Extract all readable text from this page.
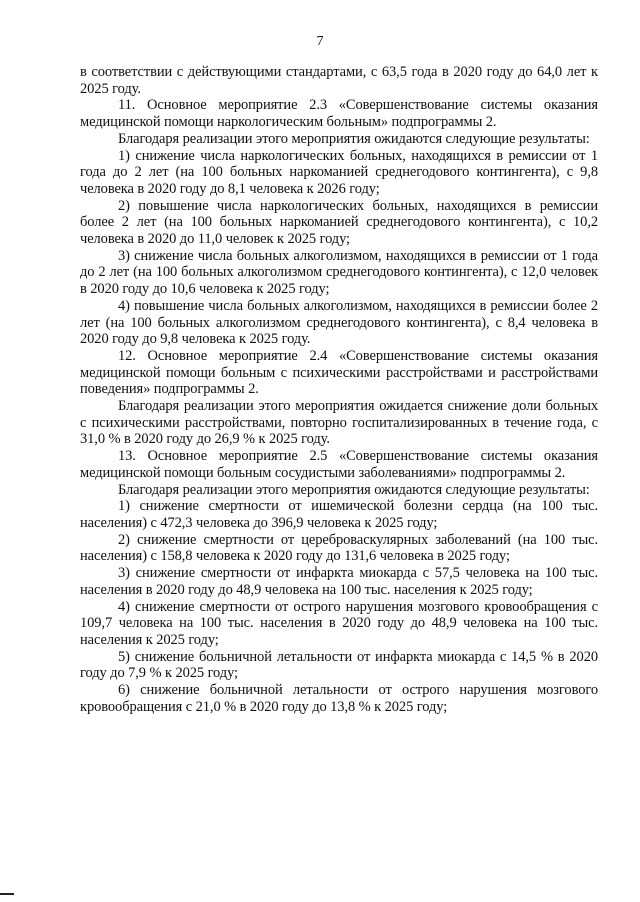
7

в соответствии с действующими стандартами, с 63,5 года в 2020 году до 64,0 лет к 2025 году.

11. Основное мероприятие 2.3 «Совершенствование системы оказания медицинской помощи наркологическим больным» подпрограммы 2.

Благодаря реализации этого мероприятия ожидаются следующие результаты:

1) снижение числа наркологических больных, находящихся в ремиссии от 1 года до 2 лет (на 100 больных наркоманией среднегодового контингента), с 9,8 человека в 2020 году до 8,1 человека к 2026 году;

2) повышение числа наркологических больных, находящихся в ремиссии более 2 лет (на 100 больных наркоманией среднегодового контингента), с 10,2 человека в 2020 до 11,0 человек к 2025 году;

3) снижение числа больных алкоголизмом, находящихся в ремиссии от 1 года до 2 лет (на 100 больных алкоголизмом среднегодового контингента), с 12,0 человек в 2020 году до 10,6 человека к 2025 году;

4) повышение числа больных алкоголизмом, находящихся в ремиссии более 2 лет (на 100 больных алкоголизмом среднегодового контингента), с 8,4 человека в 2020 году до 9,8 человека к 2025 году.

12. Основное мероприятие 2.4 «Совершенствование системы оказания медицинской помощи больным с психическими расстройствами и расстройствами поведения» подпрограммы 2.

Благодаря реализации этого мероприятия ожидается снижение доли больных с психическими расстройствами, повторно госпитализированных в течение года, с 31,0 % в 2020 году до 26,9 % к 2025 году.

13. Основное мероприятие 2.5 «Совершенствование системы оказания медицинской помощи больным сосудистыми заболеваниями» подпрограммы 2.

Благодаря реализации этого мероприятия ожидаются следующие результаты:

1) снижение смертности от ишемической болезни сердца (на 100 тыс. населения) с 472,3 человека до 396,9 человека к 2025 году;

2) снижение смертности от цереброваскулярных заболеваний (на 100 тыс. населения) с 158,8 человека к 2020 году до 131,6 человека в 2025 году;

3) снижение смертности от инфаркта миокарда с 57,5 человека на 100 тыс. населения в 2020 году до 48,9 человека на 100 тыс. населения к 2025 году;

4) снижение смертности от острого нарушения мозгового кровообращения с 109,7 человека на 100 тыс. населения в 2020 году до 48,9 человека на 100 тыс. населения к 2025 году;

5) снижение больничной летальности от инфаркта миокарда с 14,5 % в 2020 году до 7,9 % к 2025 году;

6) снижение больничной летальности от острого нарушения мозгового кровообращения с 21,0 % в 2020 году до 13,8 % к 2025 году;
